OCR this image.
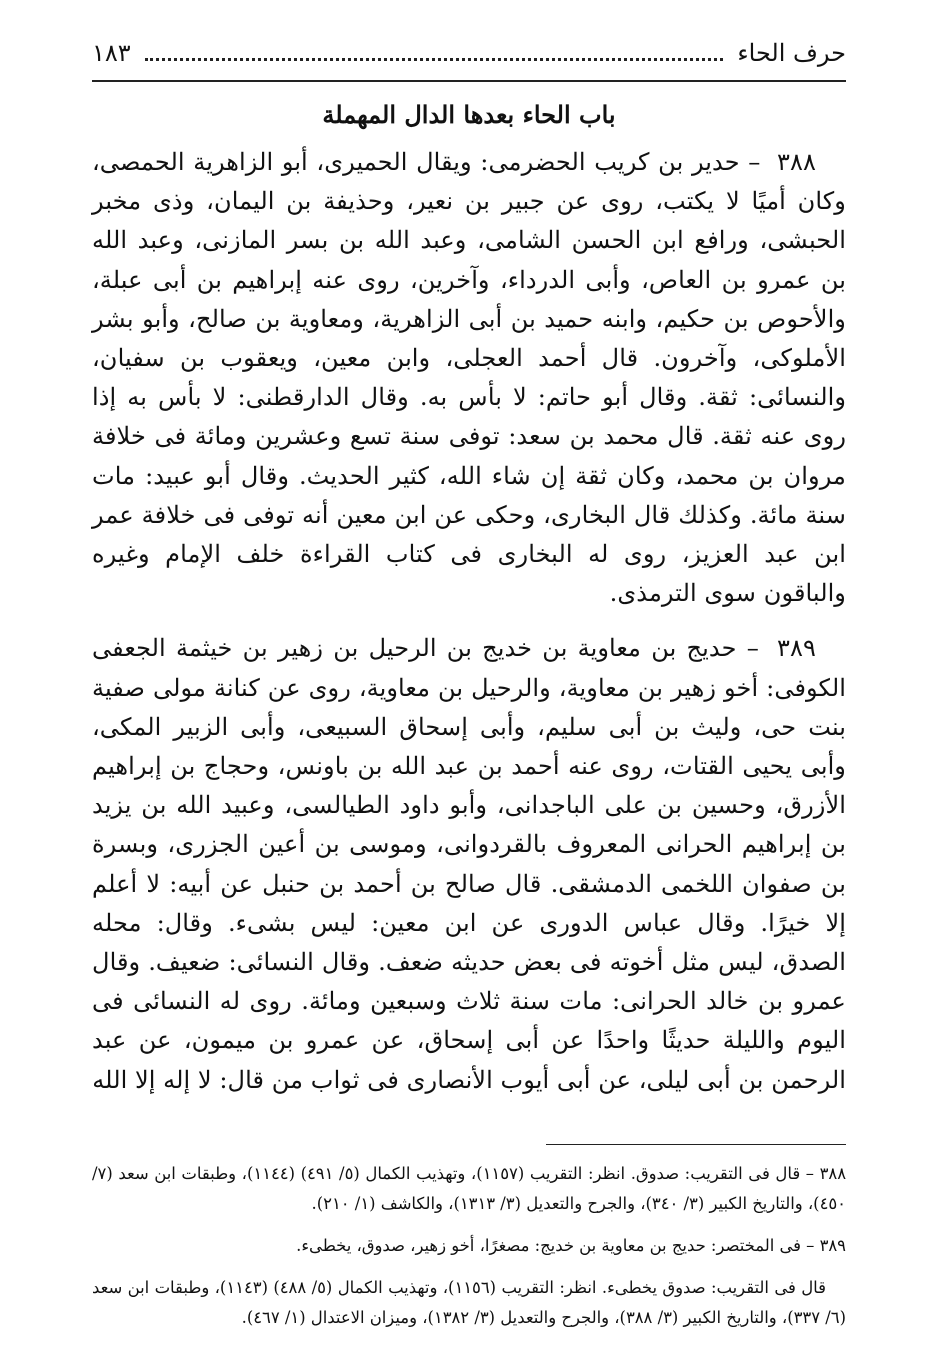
حرف الحاء
١٨٣
باب الحاء بعدها الدال المهملة

٣٨٨ – حدير بن كريب الحضرمى: ويقال الحميرى، أبو الزاهرية الحمصى، وكان أميًا لا يكتب، روى عن جبير بن نعير، وحذيفة بن اليمان، وذى مخبر الحبشى، ورافع ابن الحسن الشامى، وعبد الله بن بسر المازنى، وعبد الله بن عمرو بن العاص، وأبى الدرداء، وآخرين، روى عنه إبراهيم بن أبى عبلة، والأحوص بن حكيم، وابنه حميد بن أبى الزاهرية، ومعاوية بن صالح، وأبو بشر الأملوكى، وآخرون. قال أحمد العجلى، وابن معين، ويعقوب بن سفيان، والنسائى: ثقة. وقال أبو حاتم: لا بأس به. وقال الدارقطنى: لا بأس به إذا روى عنه ثقة. قال محمد بن سعد: توفى سنة تسع وعشرين ومائة فى خلافة مروان بن محمد، وكان ثقة إن شاء الله، كثير الحديث. وقال أبو عبيد: مات سنة مائة. وكذلك قال البخارى، وحكى عن ابن معين أنه توفى فى خلافة عمر ابن عبد العزيز، روى له البخارى فى كتاب القراءة خلف الإمام وغيره والباقون سوى الترمذى.

٣٨٩ – حديج بن معاوية بن خديج بن الرحيل بن زهير بن خيثمة الجعفى الكوفى: أخو زهير بن معاوية، والرحيل بن معاوية، روى عن كنانة مولى صفية بنت حى، وليث بن أبى سليم، وأبى إسحاق السبيعى، وأبى الزبير المكى، وأبى يحيى القتات، روى عنه أحمد بن عبد الله بن باونس، وحجاج بن إبراهيم الأزرق، وحسين بن على الباجدانى، وأبو داود الطيالسى، وعبيد الله بن يزيد بن إبراهيم الحرانى المعروف بالقردوانى، وموسى بن أعين الجزرى، وبسرة بن صفوان اللخمى الدمشقى. قال صالح بن أحمد بن حنبل عن أبيه: لا أعلم إلا خيرًا. وقال عباس الدورى عن ابن معين: ليس بشىء. وقال: محله الصدق، ليس مثل أخوته فى بعض حديثه ضعف. وقال النسائى: ضعيف. وقال عمرو بن خالد الحرانى: مات سنة ثلاث وسبعين ومائة. روى له النسائى فى اليوم والليلة حديثًا واحدًا عن أبى إسحاق، عن عمرو بن ميمون، عن عبد الرحمن بن أبى ليلى، عن أبى أيوب الأنصارى فى ثواب من قال: لا إله إلا الله

٣٨٨ – قال فى التقريب: صدوق. انظر: التقريب (١١٥٧)، وتهذيب الكمال (٥/ ٤٩١) (١١٤٤)، وطبقات ابن سعد (٧/ ٤٥٠)، والتاريخ الكبير (٣/ ٣٤٠)، والجرح والتعديل (٣/ ١٣١٣)، والكاشف (١/ ٢١٠).

٣٨٩ – فى المختصر: حديج بن معاوية بن خديج: مصغرًا، أخو زهير، صدوق، يخطىء.

قال فى التقريب: صدوق يخطىء. انظر: التقريب (١١٥٦)، وتهذيب الكمال (٥/ ٤٨٨) (١١٤٣)، وطبقات ابن سعد (٦/ ٣٣٧)، والتاريخ الكبير (٣/ ٣٨٨)، والجرح والتعديل (٣/ ١٣٨٢)، وميزان الاعتدال (١/ ٤٦٧).
